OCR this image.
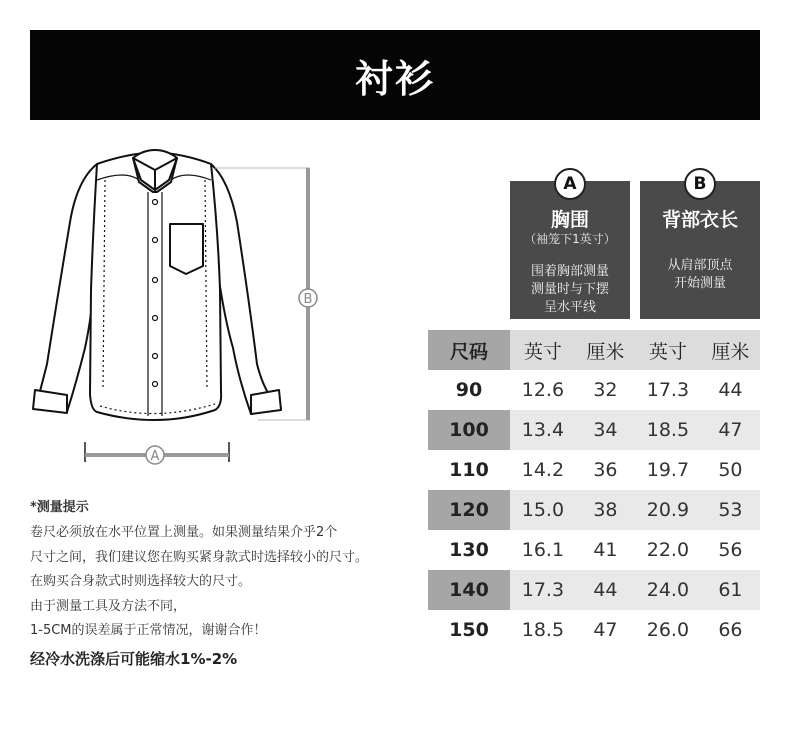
衬衫
B
A
A
胸围
（袖笼下1英寸）
围着胸部测量
测量时与下摆
呈水平线
B
背部衣长
从肩部顶点
开始测量
尺码	英寸	厘米	英寸	厘米
90	12.6	32	17.3	44
100	13.4	34	18.5	47
110	14.2	36	19.7	50
120	15.0	38	20.9	53
130	16.1	41	22.0	56
140	17.3	44	24.0	61
150	18.5	47	26.0	66
*测量提示
卷尺必须放在水平位置上测量。如果测量结果介乎2个
尺寸之间，我们建议您在购买紧身款式时选择较小的尺寸。
在购买合身款式时则选择较大的尺寸。
由于测量工具及方法不同，
1-5CM的误差属于正常情况，谢谢合作！
经冷水洗涤后可能缩水1%-2%
